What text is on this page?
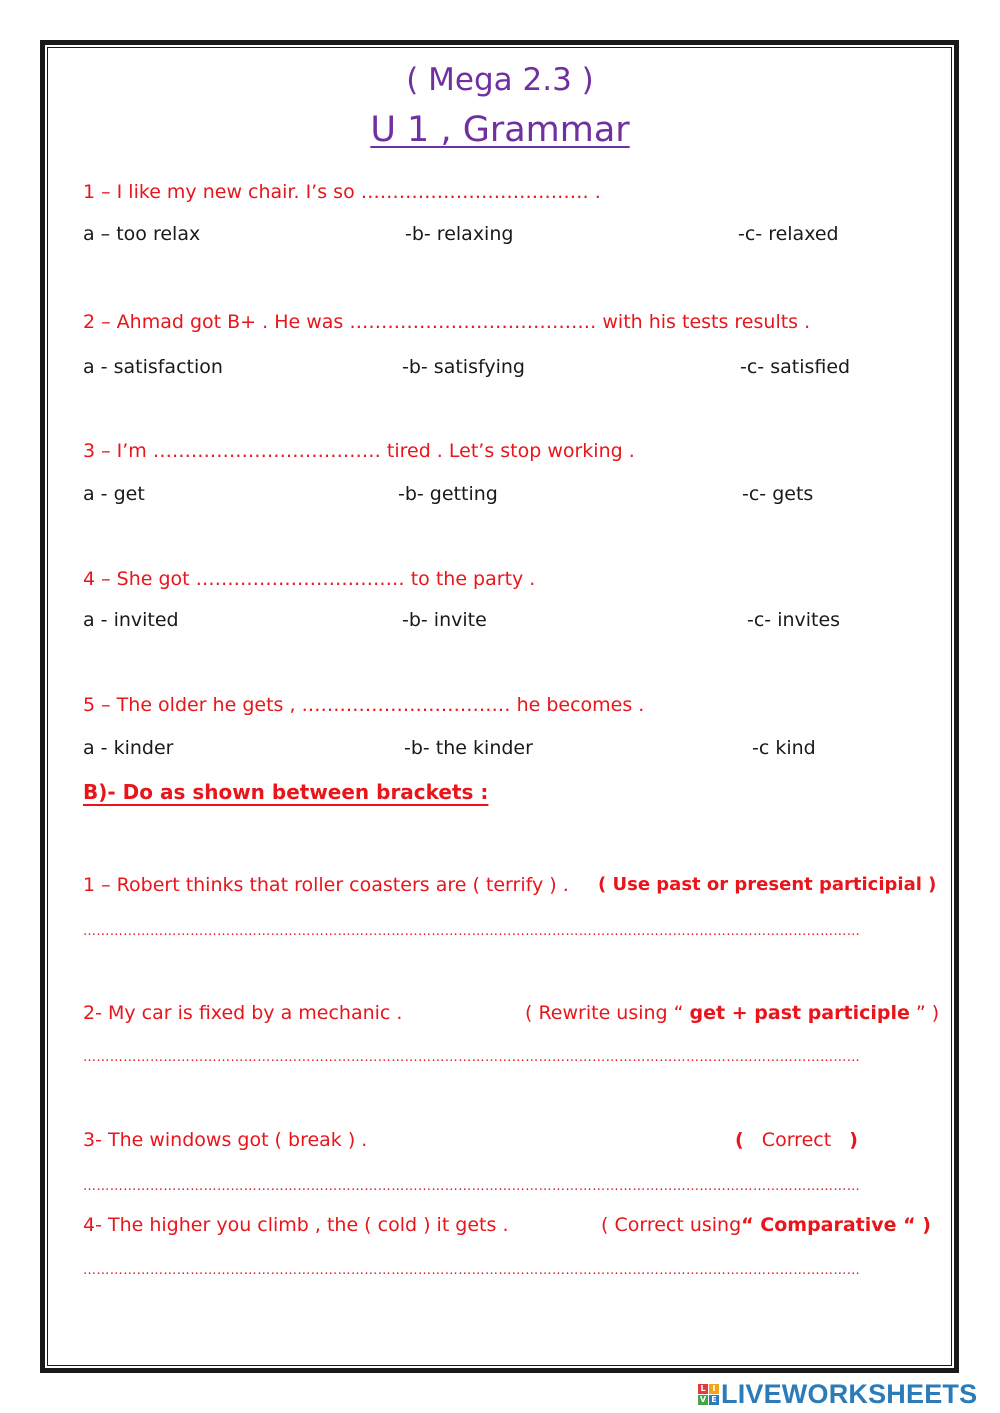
( Mega 2.3 )
U 1 , Grammar
1 – I like my new chair. I’s so ……………………………… .
a – too relax	-b- relaxing	-c- relaxed
2 – Ahmad got B+ . He was ………………………………… with his tests results .
a - satisfaction	-b- satisfying	-c- satisfied
3 – I’m ……………………………… tired . Let’s stop working .
a - get	-b- getting	-c- gets
4 – She got …………………………… to the party .
a - invited	-b- invite	-c- invites
5 – The older he gets , …………………………… he becomes .
a - kinder	-b- the kinder	-c kind
B)- Do as shown between brackets :
1 – Robert thinks that roller coasters are ( terrify ) . ( Use past or present participial )
…………………………………………………………………………………………………………………………………………………………
2- My car is fixed by a mechanic .	( Rewrite using “ get + past participle ” )
…………………………………………………………………………………………………………………………………………………………
3- The windows got ( break ) .	(   Correct   )
…………………………………………………………………………………………………………………………………………………………
4- The higher you climb , the ( cold ) it gets .	( Correct using“ Comparative “ )
…………………………………………………………………………………………………………………………………………………………
L I
V E LIVEWORKSHEETS
